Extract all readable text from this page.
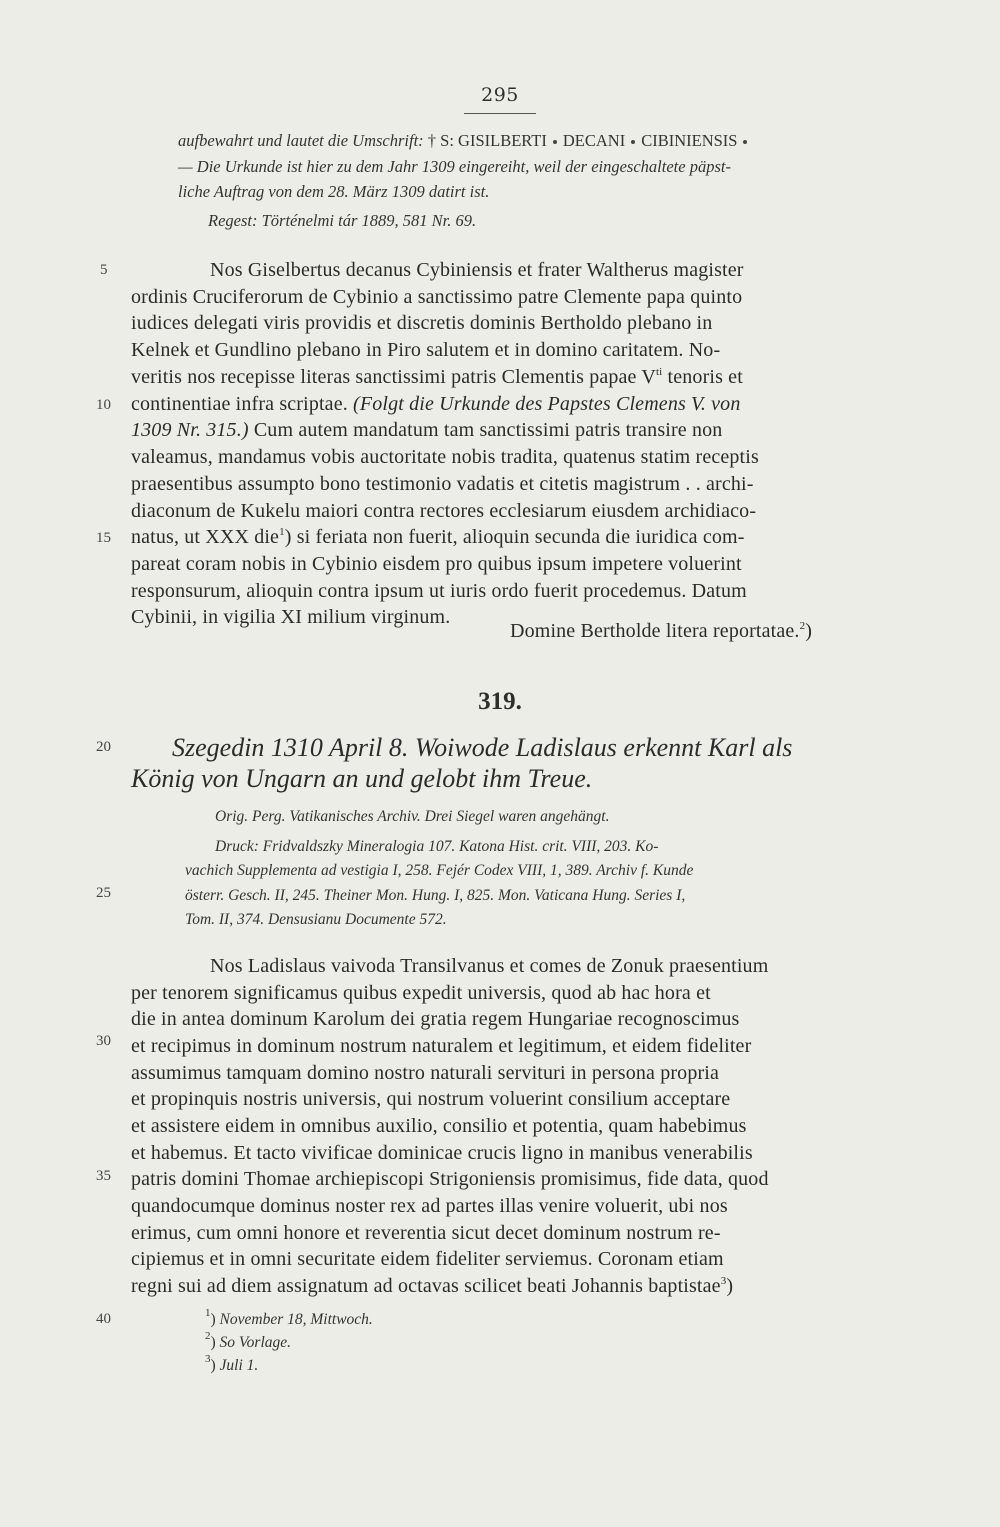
295
aufbewahrt und lautet die Umschrift: † S: GISILBERTI DECANI CIBINIENSIS
— Die Urkunde ist hier zu dem Jahr 1309 eingereiht, weil der eingeschaltete päpst-
liche Auftrag von dem 28. März 1309 datirt ist.
Regest: Történelmi tár 1889, 581 Nr. 69.
5
10
15
20
25
30
35
40
Nos Giselbertus decanus Cybiniensis et frater Waltherus magister
ordinis Cruciferorum de Cybinio a sanctissimo patre Clemente papa quinto
iudices delegati viris providis et discretis dominis Bertholdo plebano in
Kelnek et Gundlino plebano in Piro salutem et in domino caritatem. No-
veritis nos recepisse literas sanctissimi patris Clementis papae $V^{ti}$ tenoris et
continentiae infra scriptae. (Folgt die Urkunde des Papstes Clemens V. von
1309 Nr. 315.) Cum autem mandatum tam sanctissimi patris transire non
valeamus, mandamus vobis auctoritate nobis tradita, quatenus statim receptis
praesentibus assumpto bono testimonio vadatis et citetis magistrum . . archi-
diaconum de Kukelu maiori contra rectores ecclesiarum eiusdem archidiaco-
natus, ut XXX die$^1$) si feriata non fuerit, alioquin secunda die iuridica com-
pareat coram nobis in Cybinio eisdem pro quibus ipsum impetere voluerint
responsurum, alioquin contra ipsum ut iuris ordo fuerit procedemus. Datum
Cybinii, in vigilia XI milium virginum.
Domine Bertholde litera reportatae.$^2$)
319.
Szegedin 1310 April 8. Woiwode Ladislaus erkennt Karl als
König von Ungarn an und gelobt ihm Treue.
Orig. Perg. Vatikanisches Archiv. Drei Siegel waren angehängt.
Druck: Fridvaldszky Mineralogia 107. Katona Hist. crit. VIII, 203. Ko-
vachich Supplementa ad vestigia I, 258. Fejér Codex VIII, 1, 389. Archiv f. Kunde
österr. Gesch. II, 245. Theiner Mon. Hung. I, 825. Mon. Vaticana Hung. Series I,
Tom. II, 374. Densusianu Documente 572.
Nos Ladislaus vaivoda Transilvanus et comes de Zonuk praesentium
per tenorem significamus quibus expedit universis, quod ab hac hora et
die in antea dominum Karolum dei gratia regem Hungariae recognoscimus
et recipimus in dominum nostrum naturalem et legitimum, et eidem fideliter
assumimus tamquam domino nostro naturali servituri in persona propria
et propinquis nostris universis, qui nostrum voluerint consilium acceptare
et assistere eidem in omnibus auxilio, consilio et potentia, quam habebimus
et habemus. Et tacto vivificae dominicae crucis ligno in manibus venerabilis
patris domini Thomae archiepiscopi Strigoniensis promisimus, fide data, quod
quandocumque dominus noster rex ad partes illas venire voluerit, ubi nos
erimus, cum omni honore et reverentia sicut decet dominum nostrum re-
cipiemus et in omni securitate eidem fideliter serviemus. Coronam etiam
regni sui ad diem assignatum ad octavas scilicet beati Johannis baptistae$^3$)
$^1$) November 18, Mittwoch.
$^2$) So Vorlage.
$^3$) Juli 1.
